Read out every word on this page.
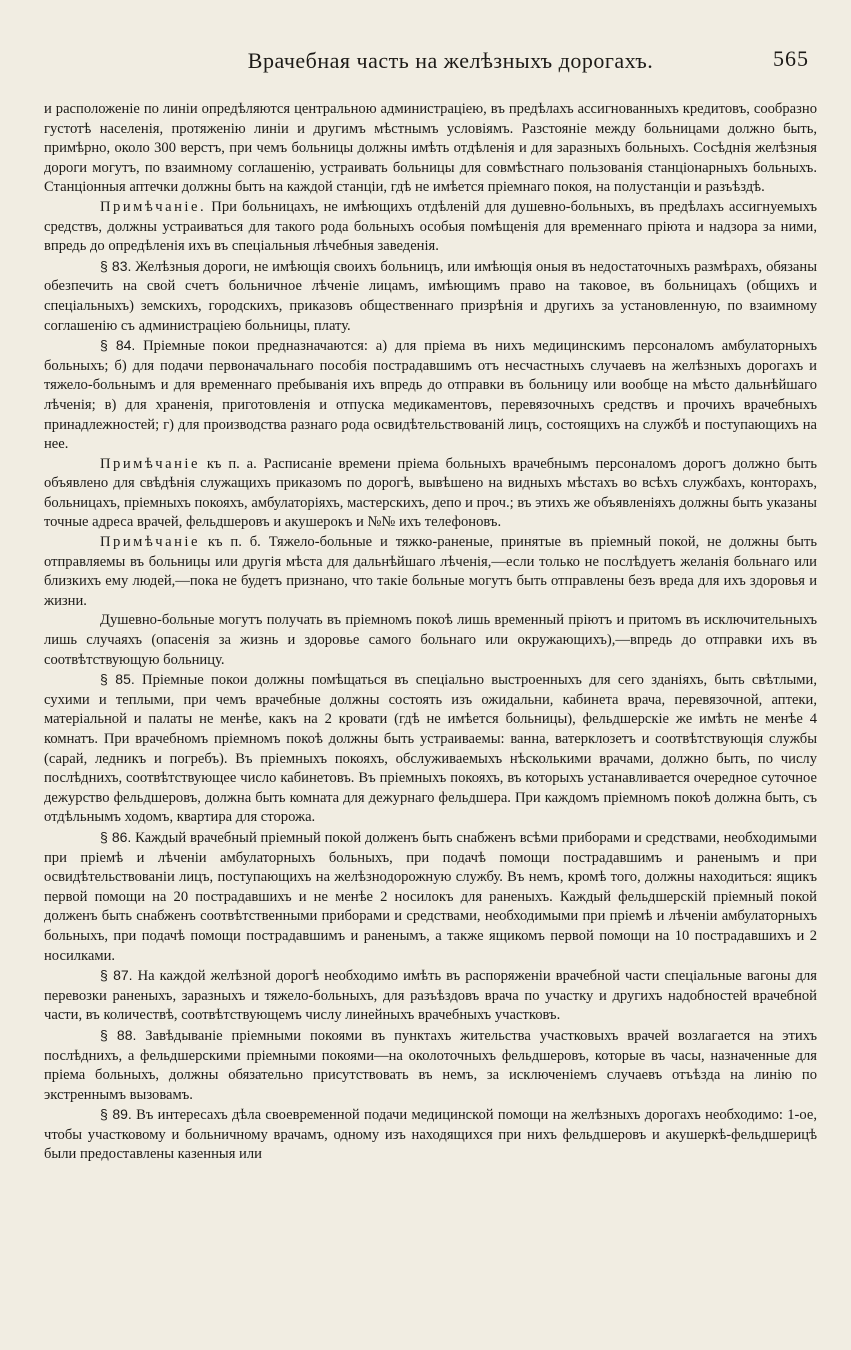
Врачебная часть на желѣзныхъ дорогахъ.	565

и расположеніе по линіи опредѣляются центральною администраціею, въ предѣлахъ ассигнованныхъ кредитовъ, сообразно густотѣ населенія, протяженію линіи и другимъ мѣстнымъ условіямъ. Разстояніе между больницами должно быть, примѣрно, около 300 верстъ, при чемъ больницы должны имѣть отдѣленія и для заразныхъ больныхъ. Сосѣднія желѣзныя дороги могутъ, по взаимному соглашенію, устраивать больницы для совмѣстнаго пользованія станціонарныхъ больныхъ. Станціонныя аптечки должны быть на каждой станціи, гдѣ не имѣется пріемнаго покоя, на полустанціи и разъѣздѣ.

Примѣчаніе. При больницахъ, не имѣющихъ отдѣленій для душевно-больныхъ, въ предѣлахъ ассигнуемыхъ средствъ, должны устраиваться для такого рода больныхъ особыя помѣщенія для временнаго пріюта и надзора за ними, впредь до опредѣленія ихъ въ спеціальныя лѣчебныя заведенія.

§ 83. Желѣзныя дороги, не имѣющія своихъ больницъ, или имѣющія оныя въ недостаточныхъ размѣрахъ, обязаны обезпечить на свой счетъ больничное лѣченіе лицамъ, имѣющимъ право на таковое, въ больницахъ (общихъ и спеціальныхъ) земскихъ, городскихъ, приказовъ общественнаго призрѣнія и другихъ за установленную, по взаимному соглашенію съ администраціею больницы, плату.

§ 84. Пріемные покои предназначаются: а) для пріема въ нихъ медицинскимъ персоналомъ амбулаторныхъ больныхъ; б) для подачи первоначальнаго пособія пострадавшимъ отъ несчастныхъ случаевъ на желѣзныхъ дорогахъ и тяжело-больнымъ и для временнаго пребыванія ихъ впредь до отправки въ больницу или вообще на мѣсто дальнѣйшаго лѣченія; в) для храненія, приготовленія и отпуска медикаментовъ, перевязочныхъ средствъ и прочихъ врачебныхъ принадлежностей; г) для производства разнаго рода освидѣтельствованій лицъ, состоящихъ на службѣ и поступающихъ на нее.

Примѣчаніе къ п. а. Расписаніе времени пріема больныхъ врачебнымъ персоналомъ дорогъ должно быть объявлено для свѣдѣнія служащихъ приказомъ по дорогѣ, вывѣшено на видныхъ мѣстахъ во всѣхъ службахъ, конторахъ, больницахъ, пріемныхъ покояхъ, амбулаторіяхъ, мастерскихъ, депо и проч.; въ этихъ же объявленіяхъ должны быть указаны точные адреса врачей, фельдшеровъ и акушерокъ и №№ ихъ телефоновъ.

Примѣчаніе къ п. б. Тяжело-больные и тяжко-раненые, принятые въ пріемный покой, не должны быть отправляемы въ больницы или другія мѣста для дальнѣйшаго лѣченія,—если только не послѣдуетъ желанія больнаго или близкихъ ему людей,—пока не будетъ признано, что такіе больные могутъ быть отправлены безъ вреда для ихъ здоровья и жизни.

Душевно-больные могутъ получать въ пріемномъ покоѣ лишь временный пріютъ и притомъ въ исключительныхъ лишь случаяхъ (опасенія за жизнь и здоровье самого больнаго или окружающихъ),—впредь до отправки ихъ въ соотвѣтствующую больницу.

§ 85. Пріемные покои должны помѣщаться въ спеціально выстроенныхъ для сего зданіяхъ, быть свѣтлыми, сухими и теплыми, при чемъ врачебные должны состоять изъ ожидальни, кабинета врача, перевязочной, аптеки, матеріальной и палаты не менѣе, какъ на 2 кровати (гдѣ не имѣется больницы), фельдшерскіе же имѣть не менѣе 4 комнатъ. При врачебномъ пріемномъ покоѣ должны быть устраиваемы: ванна, ватерклозетъ и соотвѣтствующія службы (сарай, ледникъ и погребъ). Въ пріемныхъ покояхъ, обслуживаемыхъ нѣсколькими врачами, должно быть, по числу послѣднихъ, соотвѣтствующее число кабинетовъ. Въ пріемныхъ покояхъ, въ которыхъ устанавливается очередное суточное дежурство фельдшеровъ, должна быть комната для дежурнаго фельдшера. При каждомъ пріемномъ покоѣ должна быть, съ отдѣльнымъ ходомъ, квартира для сторожа.

§ 86. Каждый врачебный пріемный покой долженъ быть снабженъ всѣми приборами и средствами, необходимыми при пріемѣ и лѣченіи амбулаторныхъ больныхъ, при подачѣ помощи пострадавшимъ и раненымъ и при освидѣтельствованіи лицъ, поступающихъ на желѣзнодорожную службу. Въ немъ, кромѣ того, должны находиться: ящикъ первой помощи на 20 пострадавшихъ и не менѣе 2 носилокъ для раненыхъ. Каждый фельдшерскій пріемный покой долженъ быть снабженъ соотвѣтственными приборами и средствами, необходимыми при пріемѣ и лѣченіи амбулаторныхъ больныхъ, при подачѣ помощи пострадавшимъ и раненымъ, а также ящикомъ первой помощи на 10 пострадавшихъ и 2 носилками.

§ 87. На каждой желѣзной дорогѣ необходимо имѣть въ распоряженіи врачебной части спеціальные вагоны для перевозки раненыхъ, заразныхъ и тяжело-больныхъ, для разъѣздовъ врача по участку и другихъ надобностей врачебной части, въ количествѣ, соотвѣтствующемъ числу линейныхъ врачебныхъ участковъ.

§ 88. Завѣдываніе пріемными покоями въ пунктахъ жительства участковыхъ врачей возлагается на этихъ послѣднихъ, а фельдшерскими пріемными покоями—на околоточныхъ фельдшеровъ, которые въ часы, назначенные для пріема больныхъ, должны обязательно присутствовать въ немъ, за исключеніемъ случаевъ отъѣзда на линію по экстреннымъ вызовамъ.

§ 89. Въ интересахъ дѣла своевременной подачи медицинской помощи на желѣзныхъ дорогахъ необходимо: 1-ое, чтобы участковому и больничному врачамъ, одному изъ находящихся при нихъ фельдшеровъ и акушеркѣ-фельдшерицѣ были предоставлены казенныя или
